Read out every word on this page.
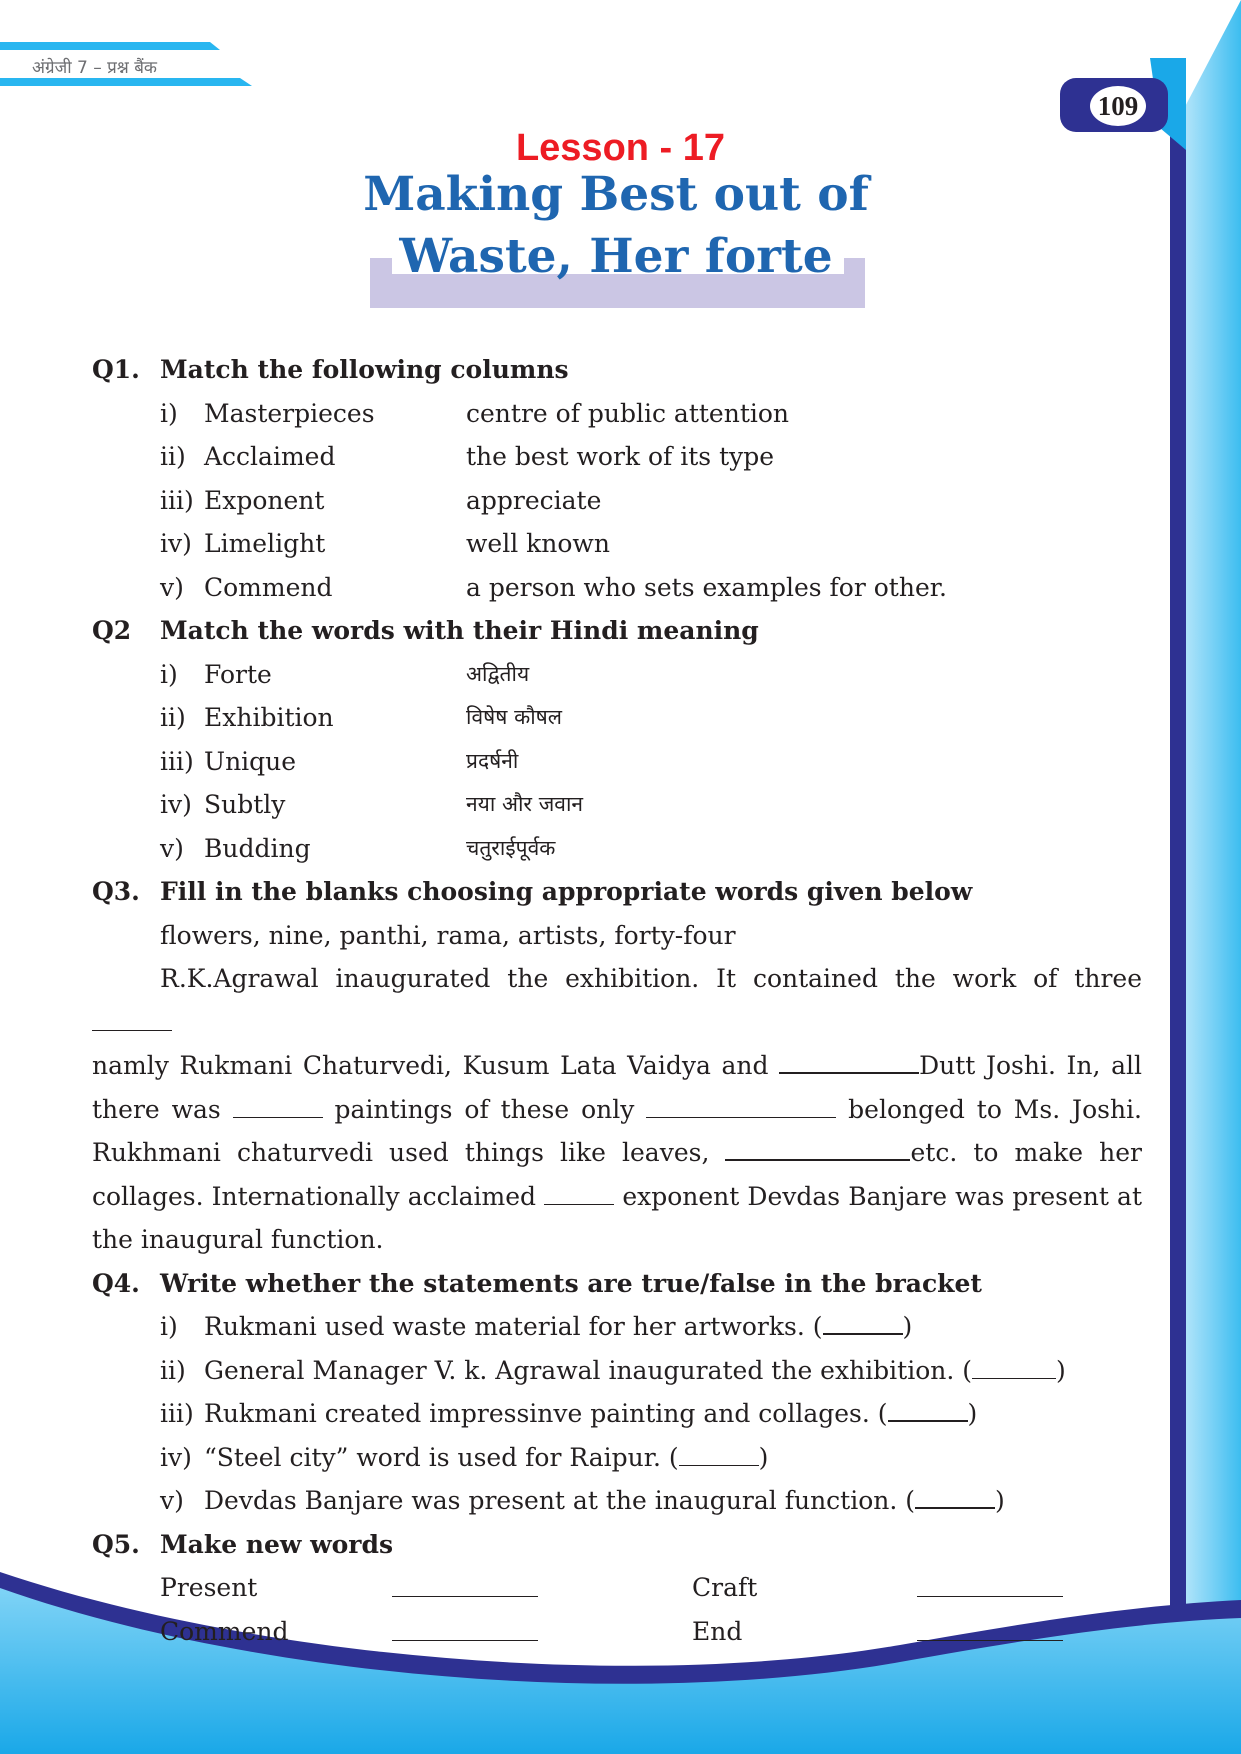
अंग्रेजी 7 – प्रश्न बैंक
109
Lesson - 17
Making Best out of
Waste, Her forte
Q1. Match the following columns
i) Masterpieces	centre of public attention
ii) Acclaimed	the best work of its type
iii) Exponent	appreciate
iv) Limelight	well known
v) Commend	a person who sets examples for other.
Q2 Match the words with their Hindi meaning
i) Forte	अद्वितीय
ii) Exhibition	विषेष कौषल
iii) Unique	प्रदर्षनी
iv) Subtly	नया और जवान
v) Budding	चतुराईपूर्वक
Q3. Fill in the blanks choosing appropriate words given below
flowers, nine, panthi, rama, artists, forty-four
R.K.Agrawal inaugurated the exhibition. It contained the work of three
namly Rukmani Chaturvedi, Kusum Lata Vaidya and	Dutt Joshi. In, all
there was	paintings of these only	belonged to Ms. Joshi.
Rukhmani chaturvedi used things like leaves,	etc. to make her
collages. Internationally acclaimed	exponent Devdas Banjare was present at
the inaugural function.
Q4. Write whether the statements are true/false in the bracket
i) Rukmani used waste material for her artworks. (	)
ii) General Manager V. k. Agrawal inaugurated the exhibition. (	)
iii) Rukmani created impressinve painting and collages. (	)
iv) “Steel city” word is used for Raipur. (	)
v) Devdas Banjare was present at the inaugural function. (	)
Q5. Make new words
Present	Craft
Commend	End
